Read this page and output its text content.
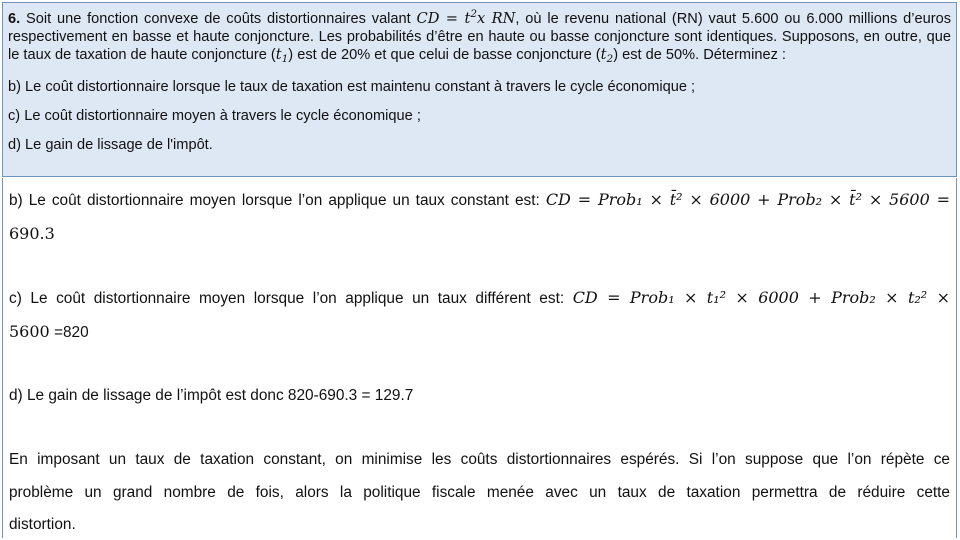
6. Soit une fonction convexe de coûts distortionnaires valant CD = $t^2x$ RN, où le revenu national (RN) vaut 5.600 ou 6.000 millions d’euros respectivement en basse et haute conjoncture. Les probabilités d’être en haute ou basse conjoncture sont identiques. Supposons, en outre, que le taux de taxation de haute conjoncture $(t_1)$ est de 20% et que celui de basse conjoncture $(t_2)$ est de 50%. Déterminez :

b) Le coût distortionnaire lorsque le taux de taxation est maintenu constant à travers le cycle économique ;

c) Le coût distortionnaire moyen à travers le cycle économique ;

d) Le gain de lissage de l'impôt.

b) Le coût distortionnaire moyen lorsque l’on applique un taux constant est: CD = Prob₁ × t̄² × 6000 + Prob₂ × t̄² × 5600 =
690.3
c) Le coût distortionnaire moyen lorsque l’on applique un taux différent est: CD = Prob₁ × t₁² × 6000 + Prob₂ × t₂² ×
5600 =820
d) Le gain de lissage de l’impôt est donc 820-690.3 = 129.7
En imposant un taux de taxation constant, on minimise les coûts distortionnaires espérés. Si l’on suppose que l’on répète ce
problème un grand nombre de fois, alors la politique fiscale menée avec un taux de taxation permettra de réduire cette
distortion.
